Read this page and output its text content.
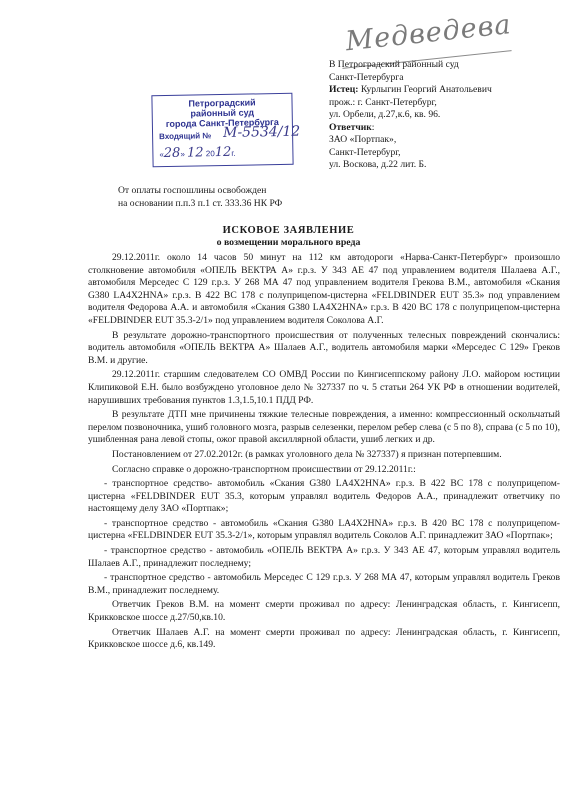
Медведева
В Петроградский районный суд
Санкт-Петербурга
Истец: Курлыгин Георгий Анатольевич
прож.: г. Санкт-Петербург,
ул. Орбели, д.27,к.6, кв. 96.
Ответчик:
ЗАО «Портпак»,
Санкт-Петербург,
ул. Воскова, д.22 лит. Б.
Петроградский
районный суд
города Санкт-Петербурга
Входящий № М-5534/12
«28» 12 2012г.
От оплаты госпошлины освобожден
на основании п.п.3 п.1 ст. 333.36 НК РФ
ИСКОВОЕ ЗАЯВЛЕНИЕ
о возмещении морального вреда

29.12.2011г. около 14 часов 50 минут на 112 км автодороги «Нарва-Санкт-Петербург» произошло столкновение автомобиля «ОПЕЛЬ ВЕКТРА А» г.р.з. У 343 АЕ 47 под управлением водителя Шалаева А.Г., автомобиля Мерседес С 129 г.р.з. У 268 МА 47 под управлением водителя Грекова В.М., автомобиля «Скания G380 LA4X2HNA» г.р.з. В 422 ВС 178 с полуприцепом-цистерна «FELDBINDER EUT 35.3» под управлением водителя Федорова А.А. и автомобиля «Скания G380 LA4X2HNA» г.р.з. В 420 ВС 178 с полуприцепом-цистерна «FELDBINDER EUT 35.3-2/1» под управлением водителя Соколова А.Г.

В результате дорожно-транспортного происшествия от полученных телесных повреждений скончались: водитель автомобиля «ОПЕЛЬ ВЕКТРА А» Шалаев А.Г., водитель автомобиля марки «Мерседес С 129» Греков В.М. и другие.

29.12.2011г. старшим следователем СО ОМВД России по Кингисеппскому району Л.О. майором юстиции Клипиковой Е.Н. было возбуждено уголовное дело № 327337 по ч. 5 статьи 264 УК РФ в отношении водителей, нарушивших требования пунктов 1.3,1.5,10.1 ПДД РФ.

В результате ДТП мне причинены тяжкие телесные повреждения, а именно: компрессионный оскольчатый перелом позвоночника, ушиб головного мозга, разрыв селезенки, перелом ребер слева (с 5 по 8), справа (с 5 по 10), ушибленная рана левой стопы, ожог правой аксиллярной области, ушиб легких и др.

Постановлением от 27.02.2012г. (в рамках уголовного дела № 327337) я признан потерпевшим.

Согласно справке о дорожно-транспортном происшествии от 29.12.2011г.:

- транспортное средство- автомобиль «Скания G380 LA4X2HNA» г.р.з. В 422 ВС 178 с полуприцепом-цистерна «FELDBINDER EUT 35.3, которым управлял водитель Федоров А.А., принадлежит ответчику по настоящему делу ЗАО «Портпак»;

- транспортное средство - автомобиль «Скания G380 LA4X2HNA» г.р.з. В 420 ВС 178 с полуприцепом-цистерна «FELDBINDER EUT 35.3-2/1», которым управлял водитель Соколов А.Г. принадлежит ЗАО «Портпак»;

- транспортное средство - автомобиль «ОПЕЛЬ ВЕКТРА А» г.р.з. У 343 АЕ 47, которым управлял водитель Шалаев А.Г., принадлежит последнему;

- транспортное средство - автомобиль Мерседес С 129 г.р.з. У 268 МА 47, которым управлял водитель Греков В.М., принадлежит последнему.

Ответчик Греков В.М. на момент смерти проживал по адресу: Ленинградская область, г. Кингисепп, Крикковское шоссе д.27/50,кв.10.

Ответчик Шалаев А.Г. на момент смерти проживал по адресу: Ленинградская область, г. Кингисепп, Крикковское шоссе д.6, кв.149.
